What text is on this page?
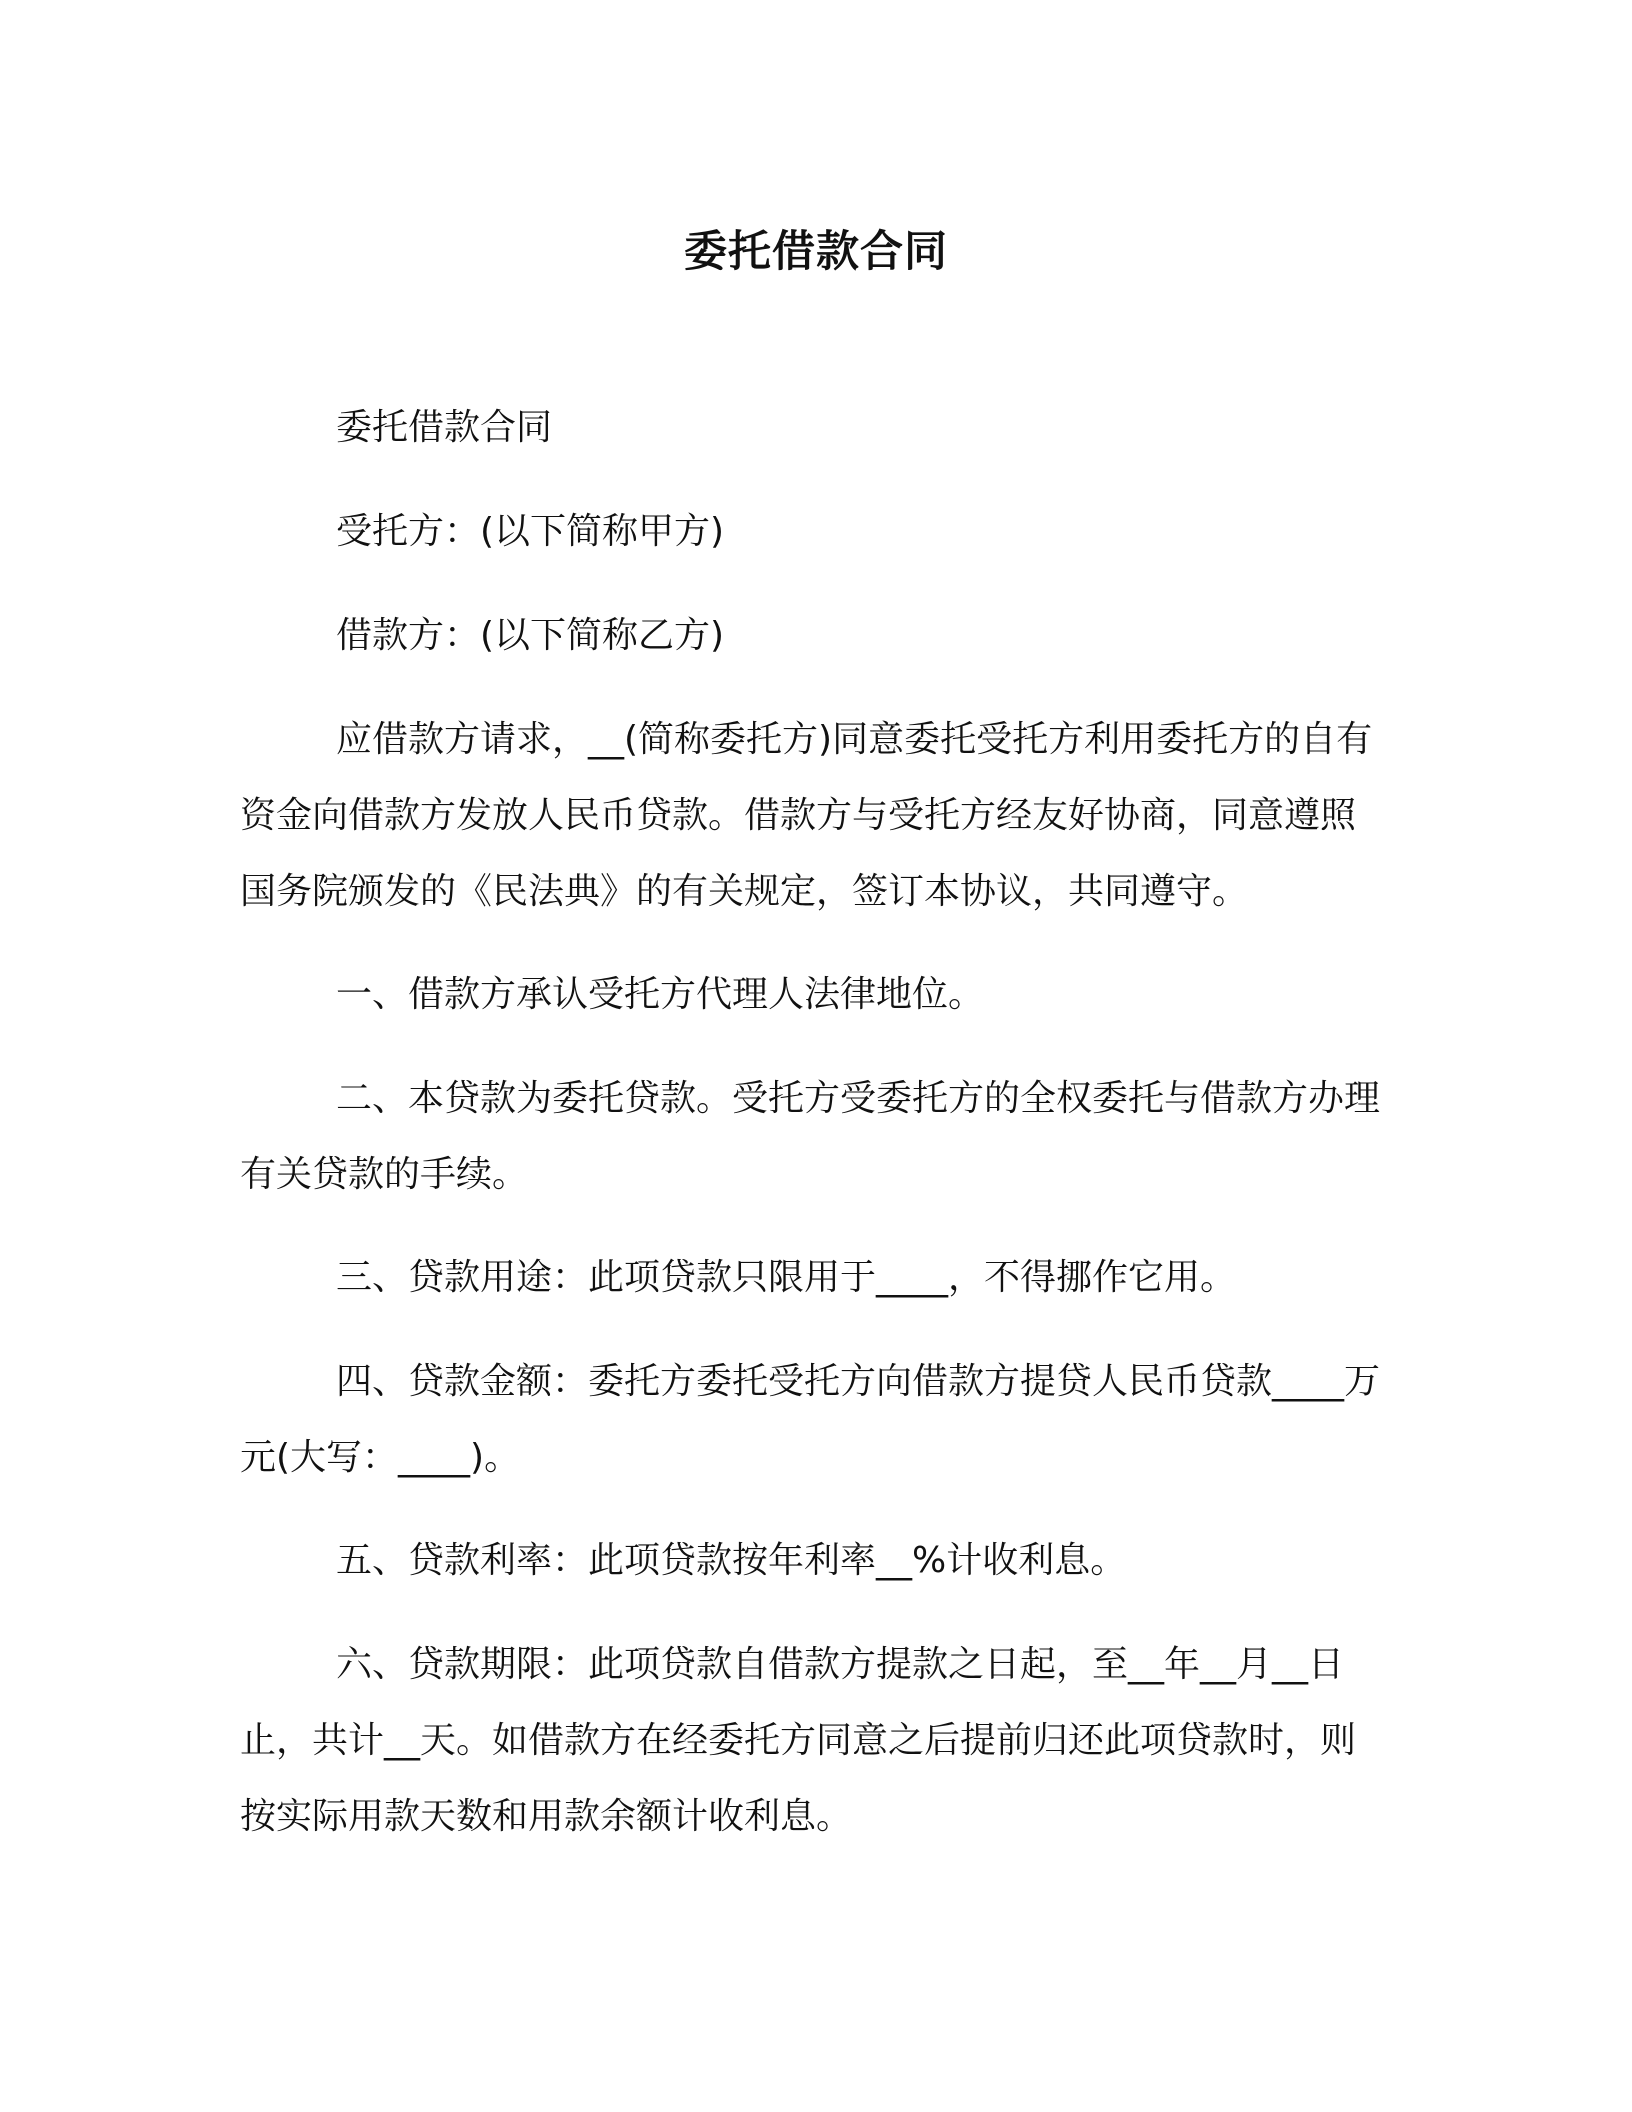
委托借款合同

委托借款合同

受托方：(以下简称甲方)

借款方：(以下简称乙方)

应借款方请求，__(简称委托方)同意委托受托方利用委托方的自有资金向借款方发放人民币贷款。借款方与受托方经友好协商，同意遵照国务院颁发的《民法典》的有关规定，签订本协议，共同遵守。

一、借款方承认受托方代理人法律地位。

二、本贷款为委托贷款。受托方受委托方的全权委托与借款方办理有关贷款的手续。

三、贷款用途：此项贷款只限用于____，不得挪作它用。

四、贷款金额：委托方委托受托方向借款方提贷人民币贷款____万元(大写：____)。

五、贷款利率：此项贷款按年利率__%计收利息。

六、贷款期限：此项贷款自借款方提款之日起，至__年__月__日止，共计__天。如借款方在经委托方同意之后提前归还此项贷款时，则按实际用款天数和用款余额计收利息。
